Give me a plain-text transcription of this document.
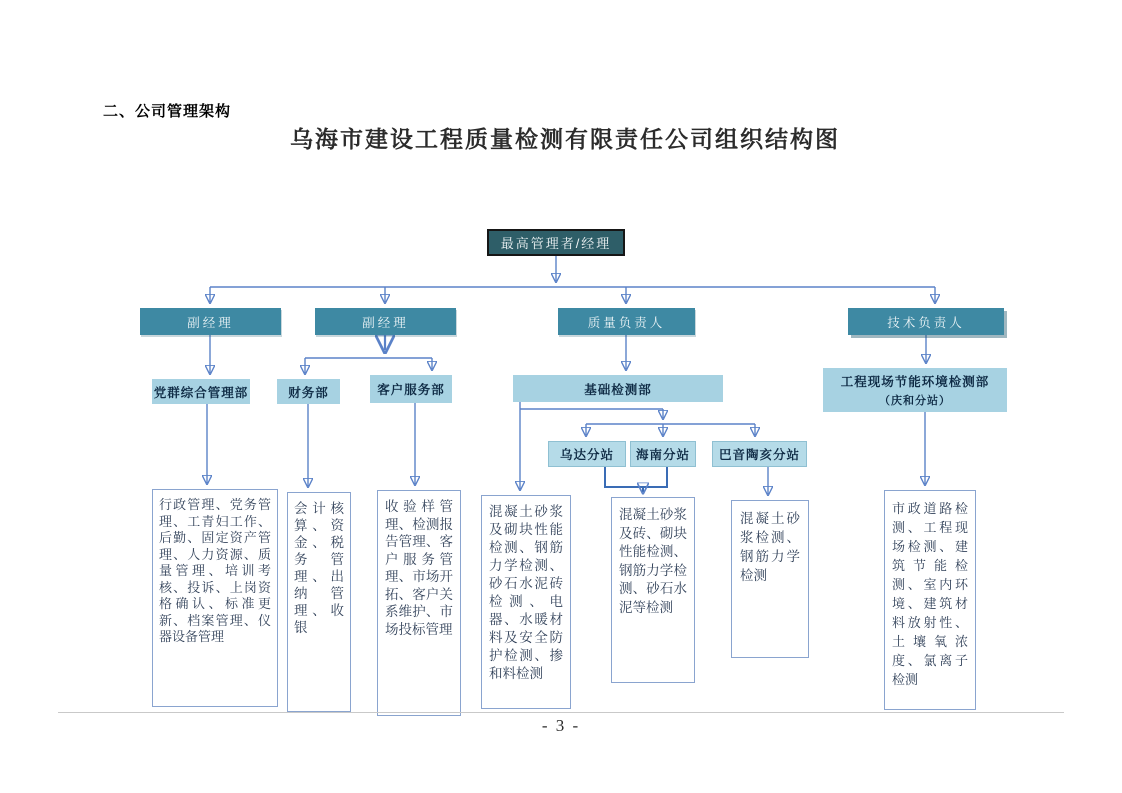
二、公司管理架构
乌海市建设工程质量检测有限责任公司组织结构图
最高管理者/经理
副经理	副经理	质量负责人	技术负责人
党群综合管理部	财务部	客户服务部	基础检测部
工程现场节能环境检测部
（庆和分站）
乌达分站	海南分站	巴音陶亥分站
行政管理、党务管理、工青妇工作、后勤、固定资产管理、人力资源、质量管理、培训考核、投诉、上岗资格确认、标准更新、档案管理、仪器设备管理
会计核算、资金、税务管理、出纳管理、收银
收验样管理、检测报告管理、客户服务管理、市场开拓、客户关系维护、市场投标管理
混凝土砂浆及砌块性能检测、钢筋力学检测、砂石水泥砖检测、电器、水暖材料及安全防护检测、掺和料检测
混凝土砂浆及砖、砌块性能检测、钢筋力学检测、砂石水泥等检测
混凝土砂浆检测、钢筋力学检测
市政道路检测、工程现场检测、建筑节能检测、室内环境、建筑材料放射性、土壤氧浓度、氯离子检测
- 3 -
